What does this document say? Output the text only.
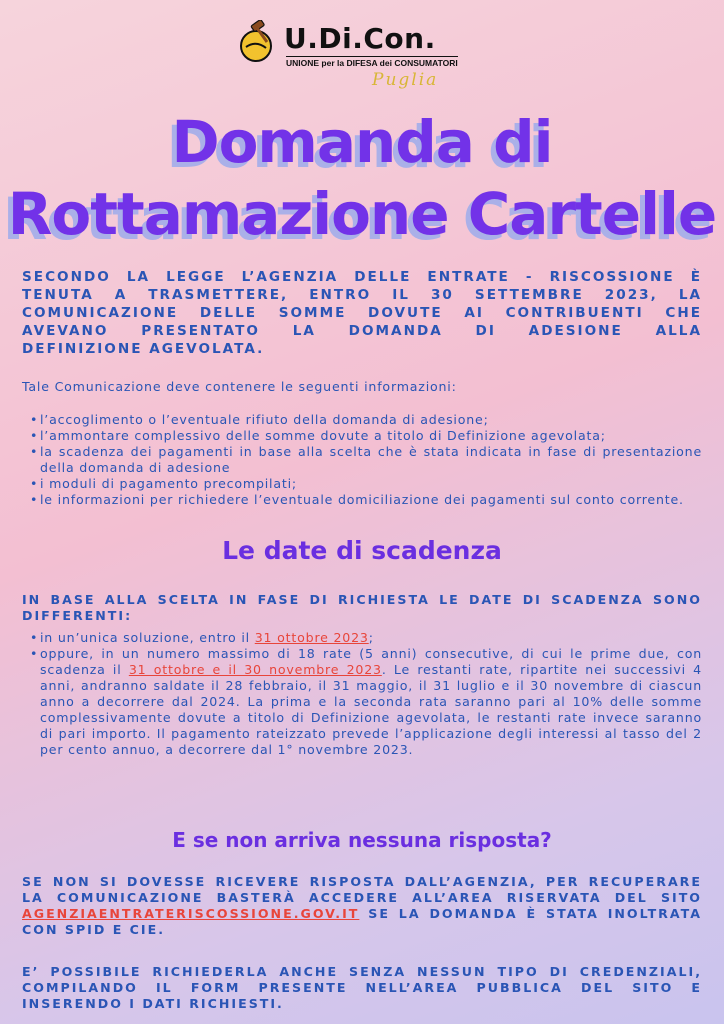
U.Di.Con.
UNIONE per la DIFESA dei CONSUMATORI
Puglia
Domanda di
Rottamazione Cartelle
SECONDO LA LEGGE L’AGENZIA DELLE ENTRATE - RISCOSSIONE È
TENUTA A TRASMETTERE, ENTRO IL 30 SETTEMBRE 2023, LA
COMUNICAZIONE DELLE SOMME DOVUTE AI CONTRIBUENTI CHE
AVEVANO PRESENTATO LA DOMANDA DI ADESIONE ALLA
DEFINIZIONE AGEVOLATA.
Tale Comunicazione deve contenere le seguenti informazioni:
• l’accoglimento o l’eventuale rifiuto della domanda di adesione;
• l’ammontare complessivo delle somme dovute a titolo di Definizione agevolata;
• la scadenza dei pagamenti in base alla scelta che è stata indicata in fase di presentazione della domanda di adesione
• i moduli di pagamento precompilati;
• le informazioni per richiedere l’eventuale domiciliazione dei pagamenti sul conto corrente.
Le date di scadenza
IN BASE ALLA SCELTA IN FASE DI RICHIESTA LE DATE DI SCADENZA SONO DIFFERENTI:
• in un’unica soluzione, entro il 31 ottobre 2023;
• oppure, in un numero massimo di 18 rate (5 anni) consecutive, di cui le prime due, con scadenza il 31 ottobre e il 30 novembre 2023. Le restanti rate, ripartite nei successivi 4 anni, andranno saldate il 28 febbraio, il 31 maggio, il 31 luglio e il 30 novembre di ciascun anno a decorrere dal 2024. La prima e la seconda rata saranno pari al 10% delle somme complessivamente dovute a titolo di Definizione agevolata, le restanti rate invece saranno di pari importo. Il pagamento rateizzato prevede l’applicazione degli interessi al tasso del 2 per cento annuo, a decorrere dal 1° novembre 2023.
E se non arriva nessuna risposta?
SE NON SI DOVESSE RICEVERE RISPOSTA DALL’AGENZIA, PER RECUPERARE LA COMUNICAZIONE BASTERÀ ACCEDERE ALL’AREA RISERVATA DEL SITO AGENZIAENTRATERISCOSSIONE.GOV.IT SE LA DOMANDA È STATA INOLTRATA CON SPID E CIE.
E’ POSSIBILE RICHIEDERLA ANCHE SENZA NESSUN TIPO DI CREDENZIALI, COMPILANDO IL FORM PRESENTE NELL’AREA PUBBLICA DEL SITO E INSERENDO I DATI RICHIESTI.
